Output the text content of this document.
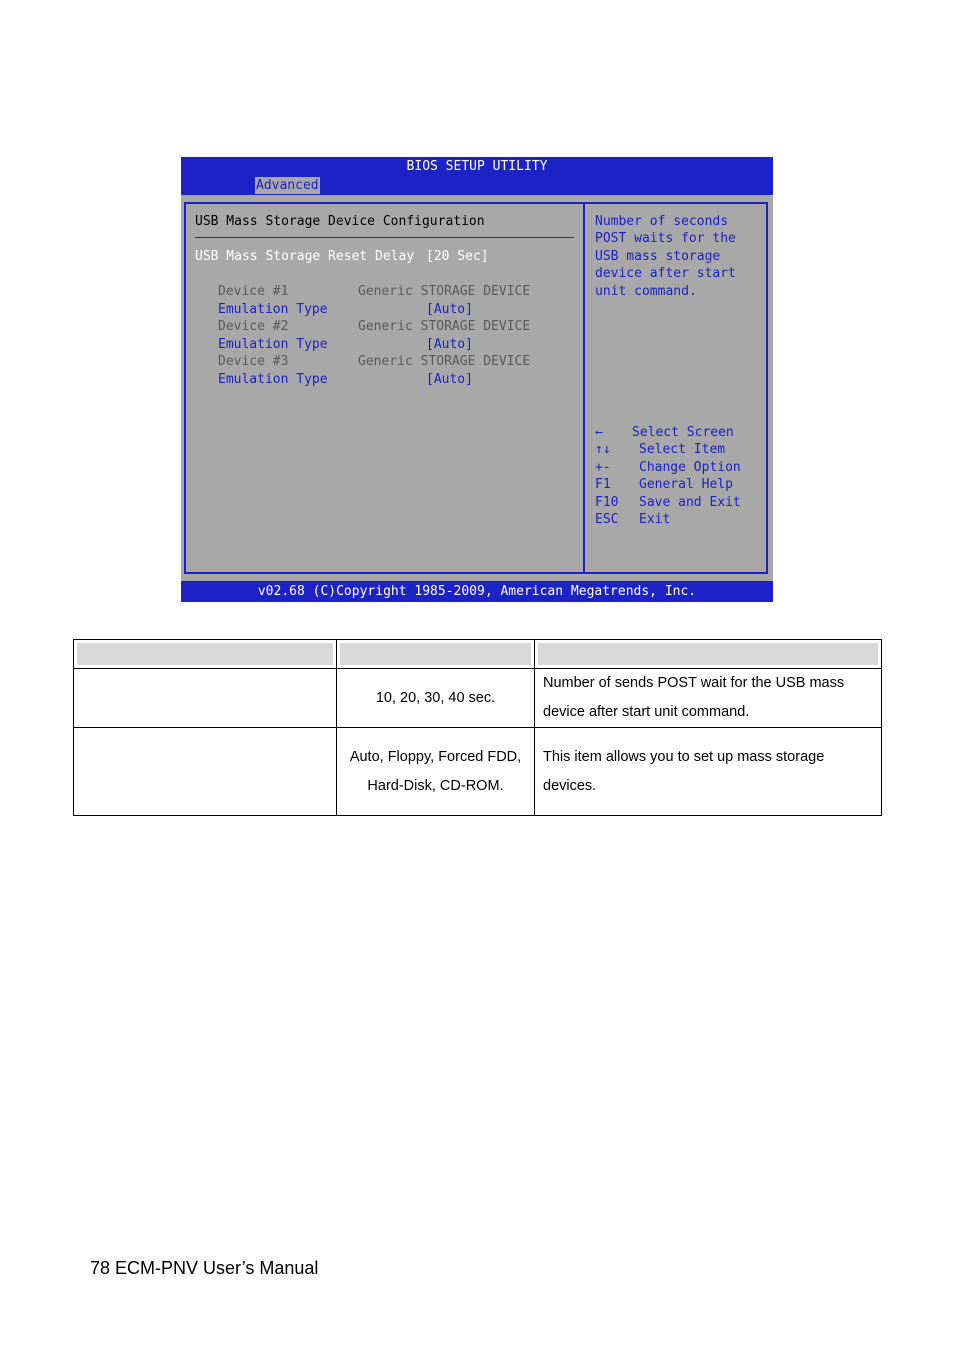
BIOS SETUP UTILITY
Advanced
USB Mass Storage Device Configuration
USB Mass Storage Reset Delay [20 Sec]
Device #1	Generic STORAGE DEVICE
Emulation Type	[Auto]
Device #2	Generic STORAGE DEVICE
Emulation Type	[Auto]
Device #3	Generic STORAGE DEVICE
Emulation Type	[Auto]
Number of seconds
POST waits for the
USB mass storage
device after start
unit command.
← Select Screen
↑↓ Select Item
+- Change Option
F1 General Help
F10 Save and Exit
ESC Exit
v02.68 (C)Copyright 1985-2009, American Megatrends, Inc.

	10, 20, 30, 40 sec.	Number of sends POST wait for the USB mass device after start unit command.
	Auto, Floppy, Forced FDD, Hard-Disk, CD-ROM.	This item allows you to set up mass storage devices.
78 ECM-PNV User’s Manual
